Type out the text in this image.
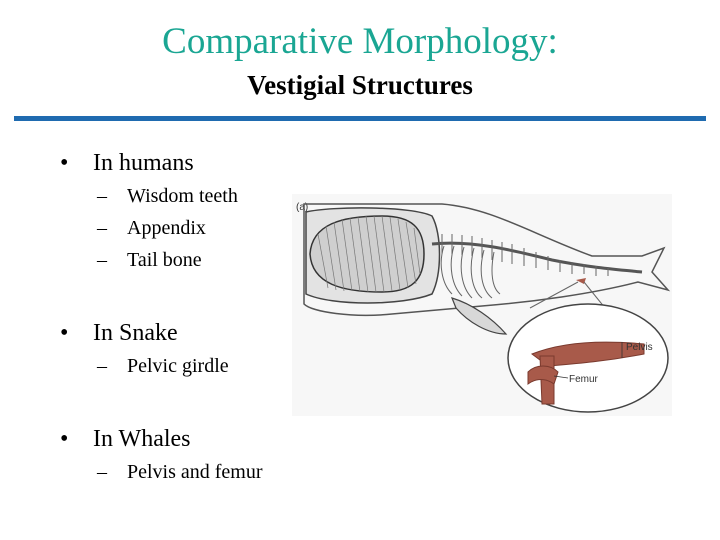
Comparative Morphology:
Vestigial Structures
• In humans
– Wisdom teeth
– Appendix
– Tail bone
• In Snake
– Pelvic girdle
• In Whales
– Pelvis and femur
(a)
Femur
Pelvis
